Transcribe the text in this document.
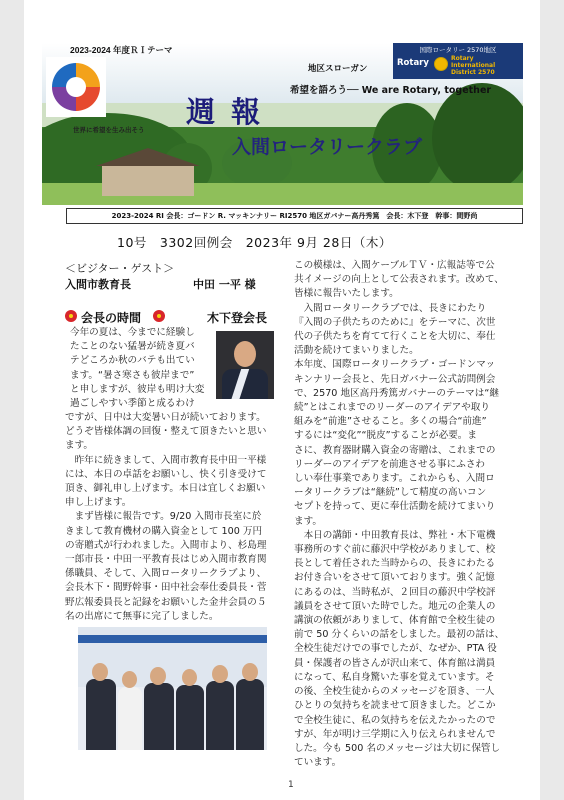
2023-2024 年度ＲＩテーマ
世界に希望を生み出そう
週 報
入間ロータリークラブ
地区スローガン
希望を語ろう── We are Rotary, together
国際ロータリー 2570地区
Rotary	Rotary
International
District 2570
2023-2024 RI 会長：ゴードン R. マッキンナリー RI2570 地区ガバナー高丹秀篤　会長：木下登　幹事：間野尚
10号　3302回例会　2023年 9月 28日（木）
＜ビジター・ゲスト＞
入間市教育長	中田 一平 様
会長の時間	木下登会長
今年の夏は、今までに経験し
たことのない猛暑が続き夏バ
テどころか秋のバテも出てい
ます。“暑さ寒さも彼岸まで”
と申しますが、彼岸も明け大変
過ごしやすい季節と成るわけ
ですが、日中は大変暑い日が続いております。
どうぞ皆様体調の回復・整えて頂きたいと思い
ます。
　昨年に続きまして、入間市教育長中田一平様
には、本日の卓話をお願いし、快く引き受けて
頂き、御礼申し上げます。本日は宜しくお願い
申し上げます。
　まず皆様に報告です。9/20 入間市長室に於
きまして教育機材の購入資金として 100 万円
の寄贈式が行われました。入間市より、杉島理
一郎市長・中田一平教育長はじめ入間市教育関
係職員、そして、入間ロータリークラブより、
会長木下・間野幹事・田中社会奉仕委員長・菅
野広報委員長と記録をお願いした金井会員の５
名の出席にて無事に完了しました。
この模様は、入間ケーブルＴＶ・広報誌等で公
共イメージの向上として公表されます。改めて、
皆様に報告いたします。
　入間ロータリークラブでは、長きにわたり
『入間の子供たちのために』をテーマに、次世
代の子供たちを育てて行くことを大切に、奉仕
活動を続けてまいりました。
本年度、国際ロータリークラブ・ゴードンマッ
キンナリー会長と、先日ガバナー公式訪問例会
で、2570 地区高丹秀篤ガバナーのテーマは“継
続”とはこれまでのリーダーのアイデアや取り
組みを“前進”させること。多くの場合“前進”
するには“変化”“脱皮”することが必要。ま
さに、教育器財購入資金の寄贈は、これまでの
リーダーのアイデアを前進させる事にふさわ
しい奉仕事業であります。これからも、入間ロ
ータリークラブは“継続”して精度の高いコン
セプトを持って、更に奉仕活動を続けてまいり
ます。
　本日の講師・中田教育長は、弊社・木下電機
事務所のすぐ前に藤沢中学校がありまして、校
長として着任された当時からの、長きにわたる
お付き合いをさせて頂いております。強く記憶
にあるのは、当時私が、２回目の藤沢中学校評
議員をさせて頂いた時でした。地元の企業人の
講演の依頼がありまして、体育館で全校生徒の
前で 50 分くらいの話をしました。最初の話は、
全校生徒だけでの事でしたが、なぜか、PTA 役
員・保護者の皆さんが沢山来て、体育館は満員
になって、私自身驚いた事を覚えています。そ
の後、全校生徒からのメッセージを頂き、一人
ひとりの気持ちを読ませて頂きました。どこか
で全校生徒に、私の気持ちを伝えたかったので
すが、年が明け三学期に入り伝えられませんで
した。今も 500 名のメッセージは大切に保管し
ています。
1
